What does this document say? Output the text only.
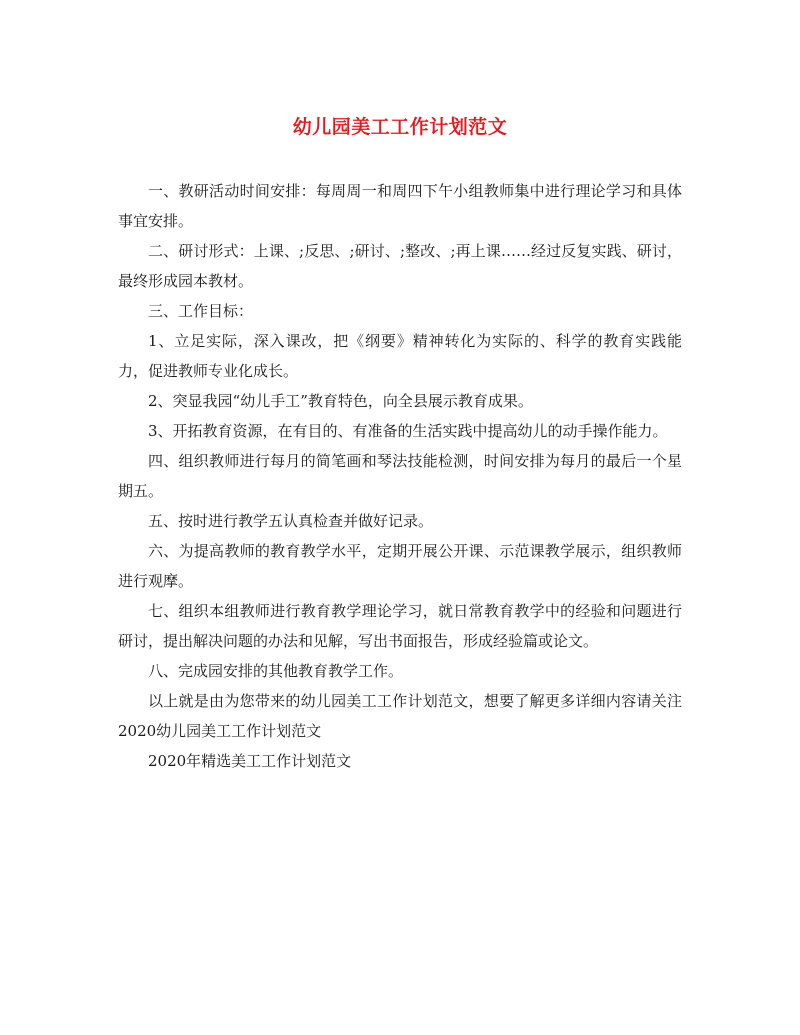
幼儿园美工工作计划范文

一、教研活动时间安排：每周周一和周四下午小组教师集中进行理论学习和具体事宜安排。

二、研讨形式：上课、;反思、;研讨、;整改、;再上课……经过反复实践、研讨，最终形成园本教材。

三、工作目标：

1、立足实际，深入课改，把《纲要》精神转化为实际的、科学的教育实践能力，促进教师专业化成长。

2、突显我园“幼儿手工”教育特色，向全县展示教育成果。

3、开拓教育资源，在有目的、有准备的生活实践中提高幼儿的动手操作能力。

四、组织教师进行每月的简笔画和琴法技能检测，时间安排为每月的最后一个星期五。

五、按时进行教学五认真检查并做好记录。

六、为提高教师的教育教学水平，定期开展公开课、示范课教学展示，组织教师进行观摩。

七、组织本组教师进行教育教学理论学习，就日常教育教学中的经验和问题进行研讨，提出解决问题的办法和见解，写出书面报告，形成经验篇或论文。

八、完成园安排的其他教育教学工作。

以上就是由为您带来的幼儿园美工工作计划范文，想要了解更多详细内容请关注2020幼儿园美工工作计划范文

2020年精选美工工作计划范文
